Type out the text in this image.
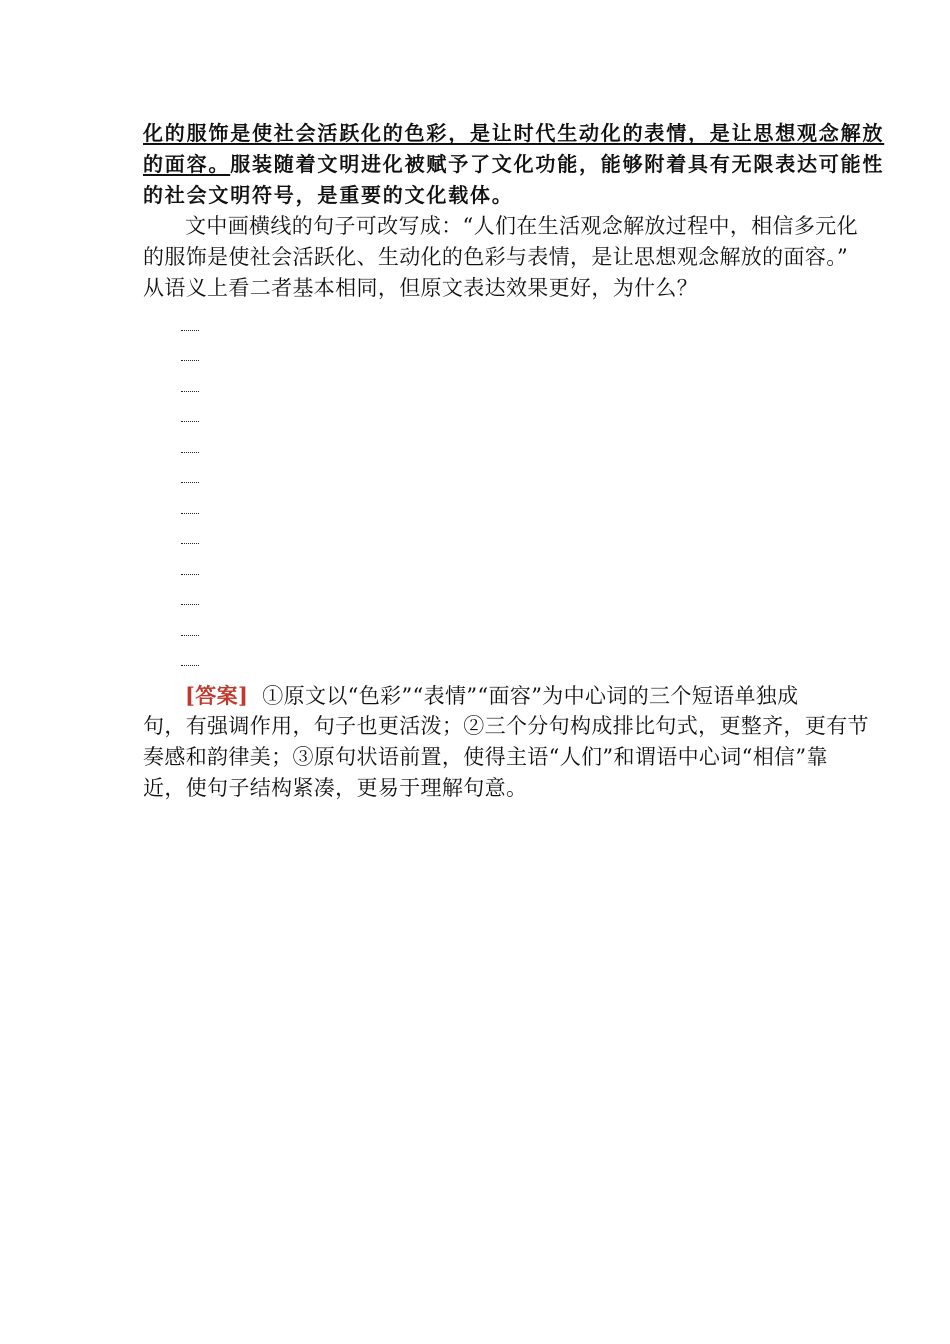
化的服饰是使社会活跃化的色彩，是让时代生动化的表情，是让思想观念解放
的面容。服装随着文明进化被赋予了文化功能，能够附着具有无限表达可能性
的社会文明符号，是重要的文化载体。
文中画横线的句子可改写成：“人们在生活观念解放过程中，相信多元化
的服饰是使社会活跃化、生动化的色彩与表情，是让思想观念解放的面容。”
从语义上看二者基本相同，但原文表达效果更好，为什么？
[答案] ①原文以“色彩”“表情”“面容”为中心词的三个短语单独成
句，有强调作用，句子也更活泼；②三个分句构成排比句式，更整齐，更有节
奏感和韵律美；③原句状语前置，使得主语“人们”和谓语中心词“相信”靠
近，使句子结构紧凑，更易于理解句意。
